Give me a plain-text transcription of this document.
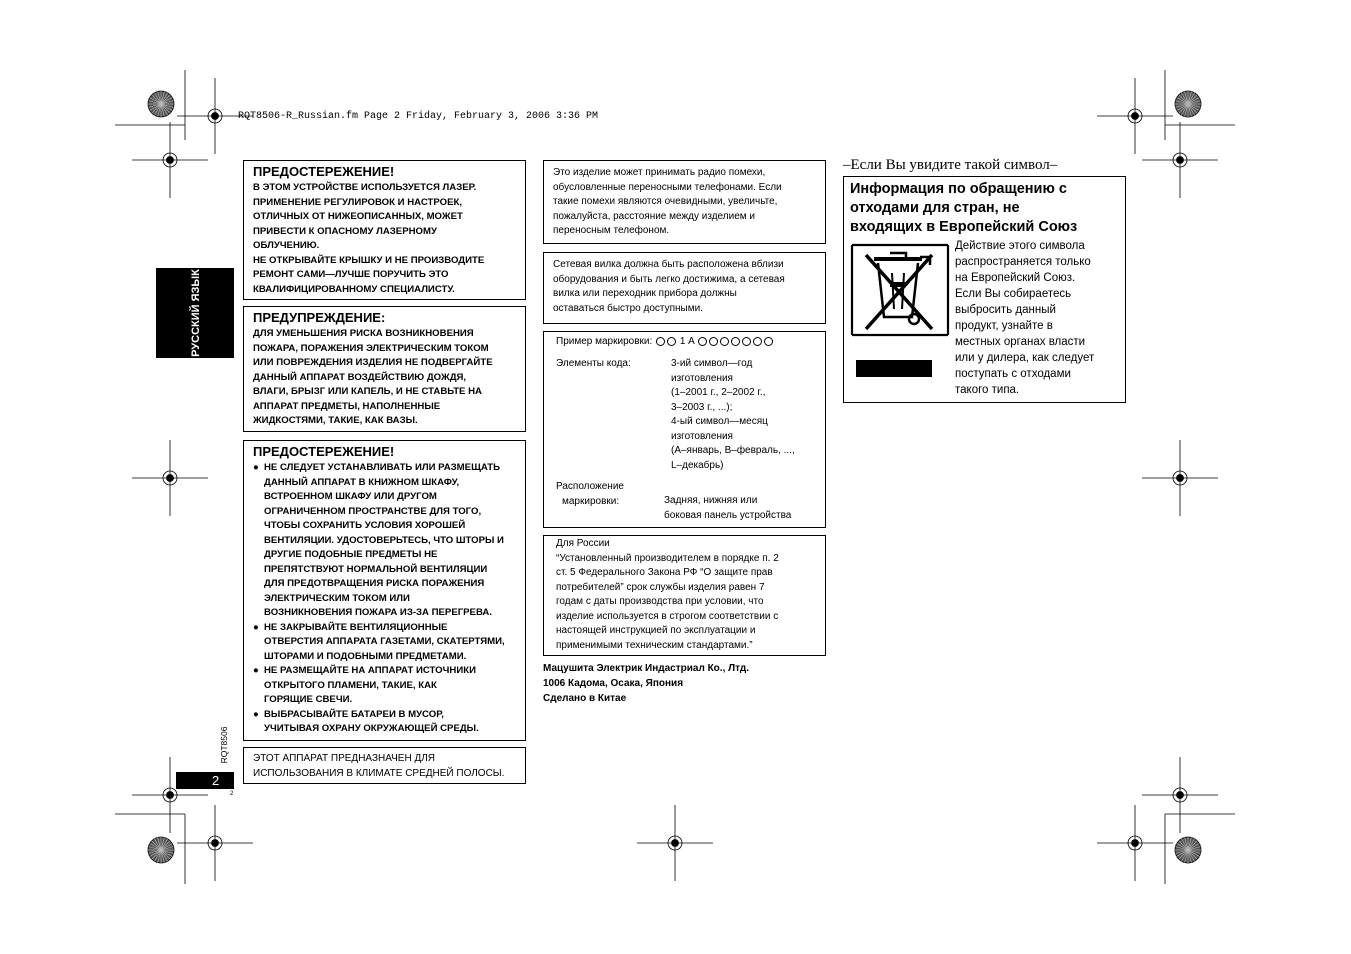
RQT8506-R_Russian.fm Page 2 Friday, February 3, 2006 3:36 PM
РУССКИЙ ЯЗЫК
RQT8506
2
2
ПРЕДОСТЕРЕЖЕНИЕ!
В ЭТОМ УСТРОЙСТВЕ ИСПОЛЬЗУЕТСЯ ЛАЗЕР.
ПРИМЕНЕНИЕ РЕГУЛИРОВОК И НАСТРОЕК,
ОТЛИЧНЫХ ОТ НИЖЕОПИСАННЫХ, МОЖЕТ
ПРИВЕСТИ К ОПАСНОМУ ЛАЗЕРНОМУ
ОБЛУЧЕНИЮ.
НЕ ОТКРЫВАЙТЕ КРЫШКУ И НЕ ПРОИЗВОДИТЕ
РЕМОНТ САМИ—ЛУЧШЕ ПОРУЧИТЬ ЭТО
КВАЛИФИЦИРОВАННОМУ СПЕЦИАЛИСТУ.
ПРЕДУПРЕЖДЕНИЕ:
ДЛЯ УМЕНЬШЕНИЯ РИСКА ВОЗНИКНОВЕНИЯ
ПОЖАРА, ПОРАЖЕНИЯ ЭЛЕКТРИЧЕСКИМ ТОКОМ
ИЛИ ПОВРЕЖДЕНИЯ ИЗДЕЛИЯ НЕ ПОДВЕРГАЙТЕ
ДАННЫЙ АППАРАТ ВОЗДЕЙСТВИЮ ДОЖДЯ,
ВЛАГИ, БРЫЗГ ИЛИ КАПЕЛЬ, И НЕ СТАВЬТЕ НА
АППАРАТ ПРЕДМЕТЫ, НАПОЛНЕННЫЕ
ЖИДКОСТЯМИ, ТАКИЕ, КАК ВАЗЫ.
ПРЕДОСТЕРЕЖЕНИЕ!
● НЕ СЛЕДУЕТ УСТАНАВЛИВАТЬ ИЛИ РАЗМЕЩАТЬ
ДАННЫЙ АППАРАТ В КНИЖНОМ ШКАФУ,
ВСТРОЕННОМ ШКАФУ ИЛИ ДРУГОМ
ОГРАНИЧЕННОМ ПРОСТРАНСТВЕ ДЛЯ ТОГО,
ЧТОБЫ СОХРАНИТЬ УСЛОВИЯ ХОРОШЕЙ
ВЕНТИЛЯЦИИ. УДОСТОВЕРЬТЕСЬ, ЧТО ШТОРЫ И
ДРУГИЕ ПОДОБНЫЕ ПРЕДМЕТЫ НЕ
ПРЕПЯТСТВУЮТ НОРМАЛЬНОЙ ВЕНТИЛЯЦИИ
ДЛЯ ПРЕДОТВРАЩЕНИЯ РИСКА ПОРАЖЕНИЯ
ЭЛЕКТРИЧЕСКИМ ТОКОМ ИЛИ
ВОЗНИКНОВЕНИЯ ПОЖАРА ИЗ-ЗА ПЕРЕГРЕВА.
● НЕ ЗАКРЫВАЙТЕ ВЕНТИЛЯЦИОННЫЕ
ОТВЕРСТИЯ АППАРАТА ГАЗЕТАМИ, СКАТЕРТЯМИ,
ШТОРАМИ И ПОДОБНЫМИ ПРЕДМЕТАМИ.
● НЕ РАЗМЕЩАЙТЕ НА АППАРАТ ИСТОЧНИКИ
ОТКРЫТОГО ПЛАМЕНИ, ТАКИЕ, КАК
ГОРЯЩИЕ СВЕЧИ.
● ВЫБРАСЫВАЙТЕ БАТАРЕИ В МУСОР,
УЧИТЫВАЯ ОХРАНУ ОКРУЖАЮЩЕЙ СРЕДЫ.
ЭТОТ АППАРАТ ПРЕДНАЗНАЧЕН ДЛЯ
ИСПОЛЬЗОВАНИЯ В КЛИМАТЕ СРЕДНЕЙ ПОЛОСЫ.
Это изделие может принимать радио помехи,
обусловленные переносными телефонами. Если
такие помехи являются очевидными, увеличьте,
пожалуйста, расстояние между изделием и
переносным телефоном.
Сетевая вилка должна быть расположена вблизи
оборудования и быть легко достижима, а сетевая
вилка или переходник прибора должны
оставаться быстро доступными.
Пример маркировки:	1 A
Элементы кода:	3-ий символ—год
изготовления
(1–2001 г., 2–2002 г.,
3–2003 г., ...);
4-ый символ—месяц
изготовления
(А–январь, В–февраль, ...,
L–декабрь)
Расположение
маркировки:	Задняя, нижняя или
боковая панель устройства
Для России
“Установленный производителем в порядке п. 2
ст. 5 Федерального Закона РФ “О защите прав
потребителей” срок службы изделия равен 7
годам с даты производства при условии, что
изделие используется в строгом соответствии с
настоящей инструкцией по эксплуатации и
применимыми техническим стандартами.”
Мацушита Электрик Индастриал Ко., Лтд.
1006 Кадома, Осака, Япония
Сделано в Китае
–Если Вы увидите такой символ–
Информация по обращению с
отходами для стран, не
входящих в Европейский Союз
Действие этого символа
распространяется только
на Европейский Союз.
Если Вы собираетесь
выбросить данный
продукт, узнайте в
местных органах власти
или у дилера, как следует
поступать с отходами
такого типа.
